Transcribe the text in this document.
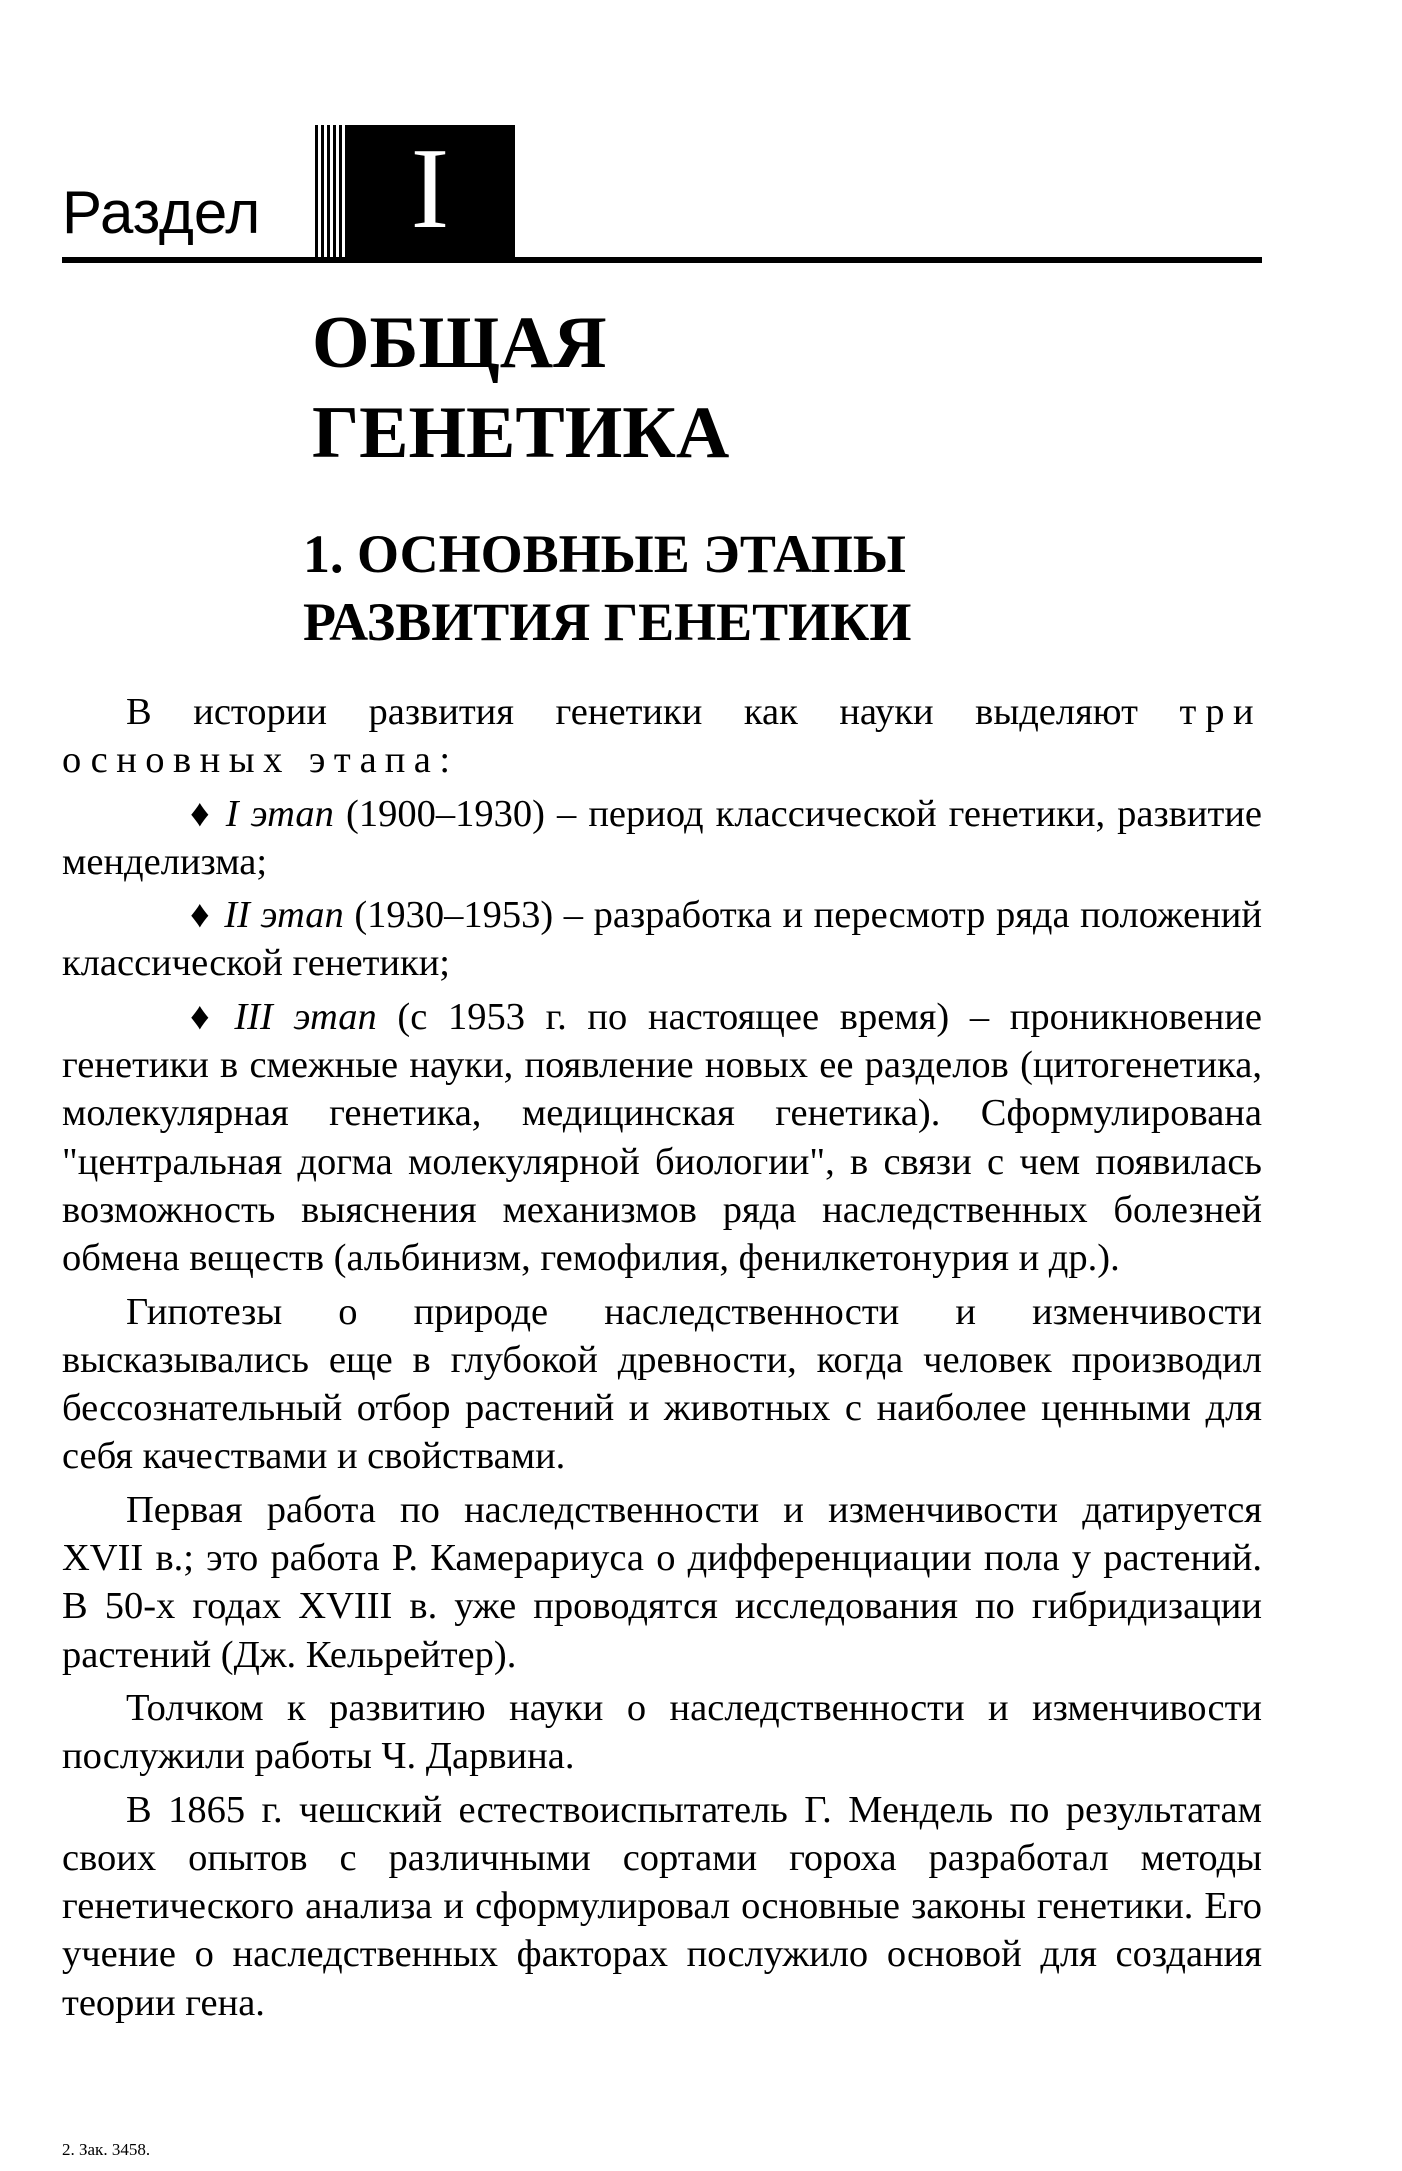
Раздел	I
ОБЩАЯ
ГЕНЕТИКА
1. ОСНОВНЫЕ ЭТАПЫ
РАЗВИТИЯ ГЕНЕТИКИ

В истории развития генетики как науки выделяют три основных этапа:

♦ I этап (1900–1930) – период классической генетики, развитие менделизма;

♦ II этап (1930–1953) – разработка и пересмотр ряда положений классической генетики;

♦ III этап (с 1953 г. по настоящее время) – проникновение генетики в смежные науки, появление новых ее разделов (цитогенетика, молекулярная генетика, медицинская генетика). Сформулирована "центральная догма молекулярной биологии", в связи с чем появилась возможность выяснения механизмов ряда наследственных болезней обмена веществ (альбинизм, гемофилия, фенилкетонурия и др.).

Гипотезы о природе наследственности и изменчивости высказывались еще в глубокой древности, когда человек производил бессознательный отбор растений и животных с наиболее ценными для себя качествами и свойствами.

Первая работа по наследственности и изменчивости датируется XVII в.; это работа Р. Камерариуса о дифференциации пола у растений. В 50-х годах XVIII в. уже проводятся исследования по гибридизации растений (Дж. Кельрейтер).

Толчком к развитию науки о наследственности и изменчивости послужили работы Ч. Дарвина.

В 1865 г. чешский естествоиспытатель Г. Мендель по результатам своих опытов с различными сортами гороха разработал методы генетического анализа и сформулировал основные законы генетики. Его учение о наследственных факторах послужило основой для создания теории гена.

2. Зак. 3458.
